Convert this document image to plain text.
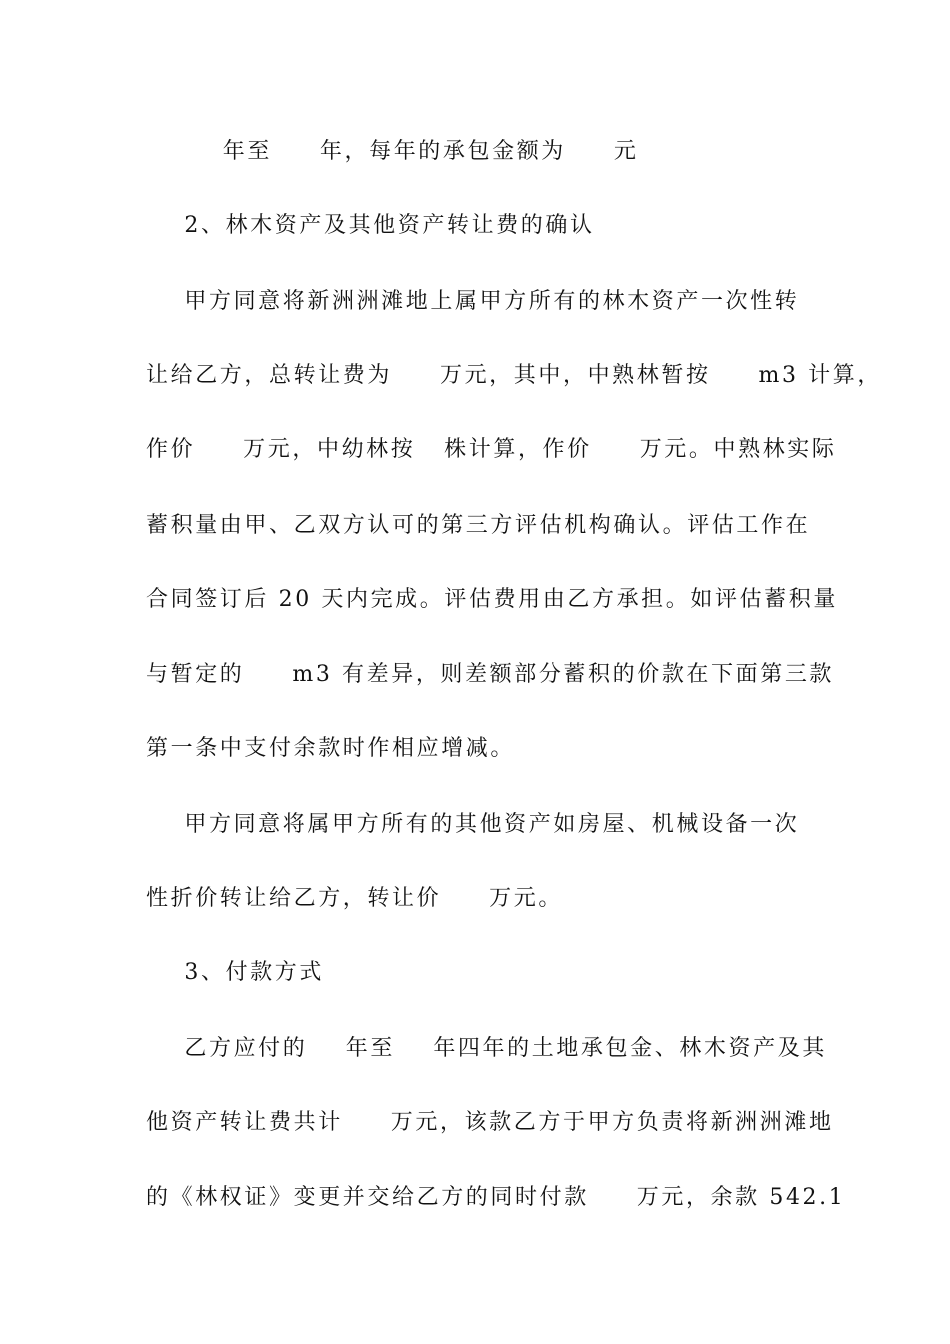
年至     年，每年的承包金额为     元

2、林木资产及其他资产转让费的确认

甲方同意将新洲洲滩地上属甲方所有的林木资产一次性转

让给乙方，总转让费为     万元，其中，中熟林暂按     m3 计算，

作价     万元，中幼林按   株计算，作价     万元。中熟林实际

蓄积量由甲、乙双方认可的第三方评估机构确认。评估工作在

合同签订后 20 天内完成。评估费用由乙方承担。如评估蓄积量

与暂定的     m3 有差异，则差额部分蓄积的价款在下面第三款

第一条中支付余款时作相应增减。

甲方同意将属甲方所有的其他资产如房屋、机械设备一次

性折价转让给乙方，转让价     万元。

3、付款方式

乙方应付的    年至    年四年的土地承包金、林木资产及其

他资产转让费共计     万元，该款乙方于甲方负责将新洲洲滩地

的《林权证》变更并交给乙方的同时付款     万元，余款 542.1
